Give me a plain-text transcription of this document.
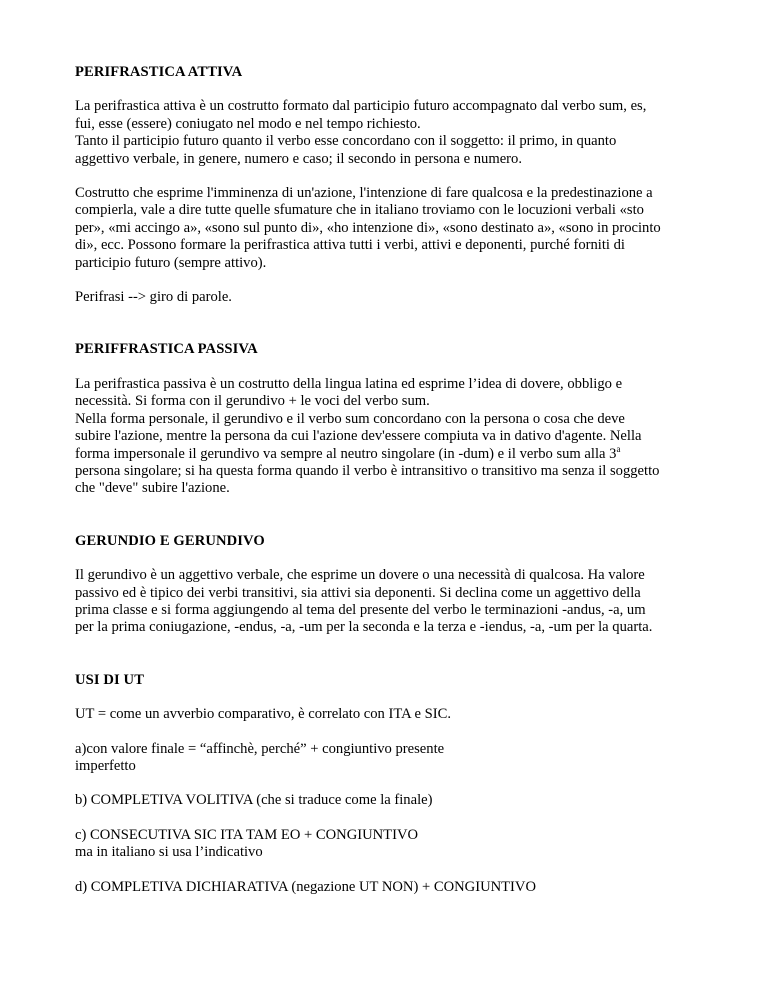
PERIFRASTICA ATTIVA

La perifrastica attiva è un costrutto formato dal participio futuro accompagnato dal verbo sum, es,
fui, esse (essere) coniugato nel modo e nel tempo richiesto.
Tanto il participio futuro quanto il verbo esse concordano con il soggetto: il primo, in quanto
aggettivo verbale, in genere, numero e caso; il secondo in persona e numero.

Costrutto che esprime l'imminenza di un'azione, l'intenzione di fare qualcosa e la predestinazione a
compierla, vale a dire tutte quelle sfumature che in italiano troviamo con le locuzioni verbali «sto
per», «mi accingo a», «sono sul punto di», «ho intenzione di», «sono destinato a», «sono in procinto
di», ecc. Possono formare la perifrastica attiva tutti i verbi, attivi e deponenti, purché forniti di
participio futuro (sempre attivo).

Perifrasi --> giro di parole.

PERIFFRASTICA PASSIVA

La perifrastica passiva è un costrutto della lingua latina ed esprime l’idea di dovere, obbligo e
necessità. Si forma con il gerundivo + le voci del verbo sum.
Nella forma personale, il gerundivo e il verbo sum concordano con la persona o cosa che deve
subire l'azione, mentre la persona da cui l'azione dev'essere compiuta va in dativo d'agente. Nella
forma impersonale il gerundivo va sempre al neutro singolare (in -dum) e il verbo sum alla 3$^a$
persona singolare; si ha questa forma quando il verbo è intransitivo o transitivo ma senza il soggetto
che "deve" subire l'azione.

GERUNDIO E GERUNDIVO

Il gerundivo è un aggettivo verbale, che esprime un dovere o una necessità di qualcosa. Ha valore
passivo ed è tipico dei verbi transitivi, sia attivi sia deponenti. Si declina come un aggettivo della
prima classe e si forma aggiungendo al tema del presente del verbo le terminazioni -andus, -a, um
per la prima coniugazione, -endus, -a, -um per la seconda e la terza e -iendus, -a, -um per la quarta.

USI DI UT

UT = come un avverbio comparativo, è correlato con ITA e SIC.

a)con valore finale = “affinchè, perché” + congiuntivo presente
imperfetto

b) COMPLETIVA VOLITIVA (che si traduce come la finale)

c) CONSECUTIVA SIC ITA TAM EO + CONGIUNTIVO
ma in italiano si usa l’indicativo

d) COMPLETIVA DICHIARATIVA (negazione UT NON) + CONGIUNTIVO
